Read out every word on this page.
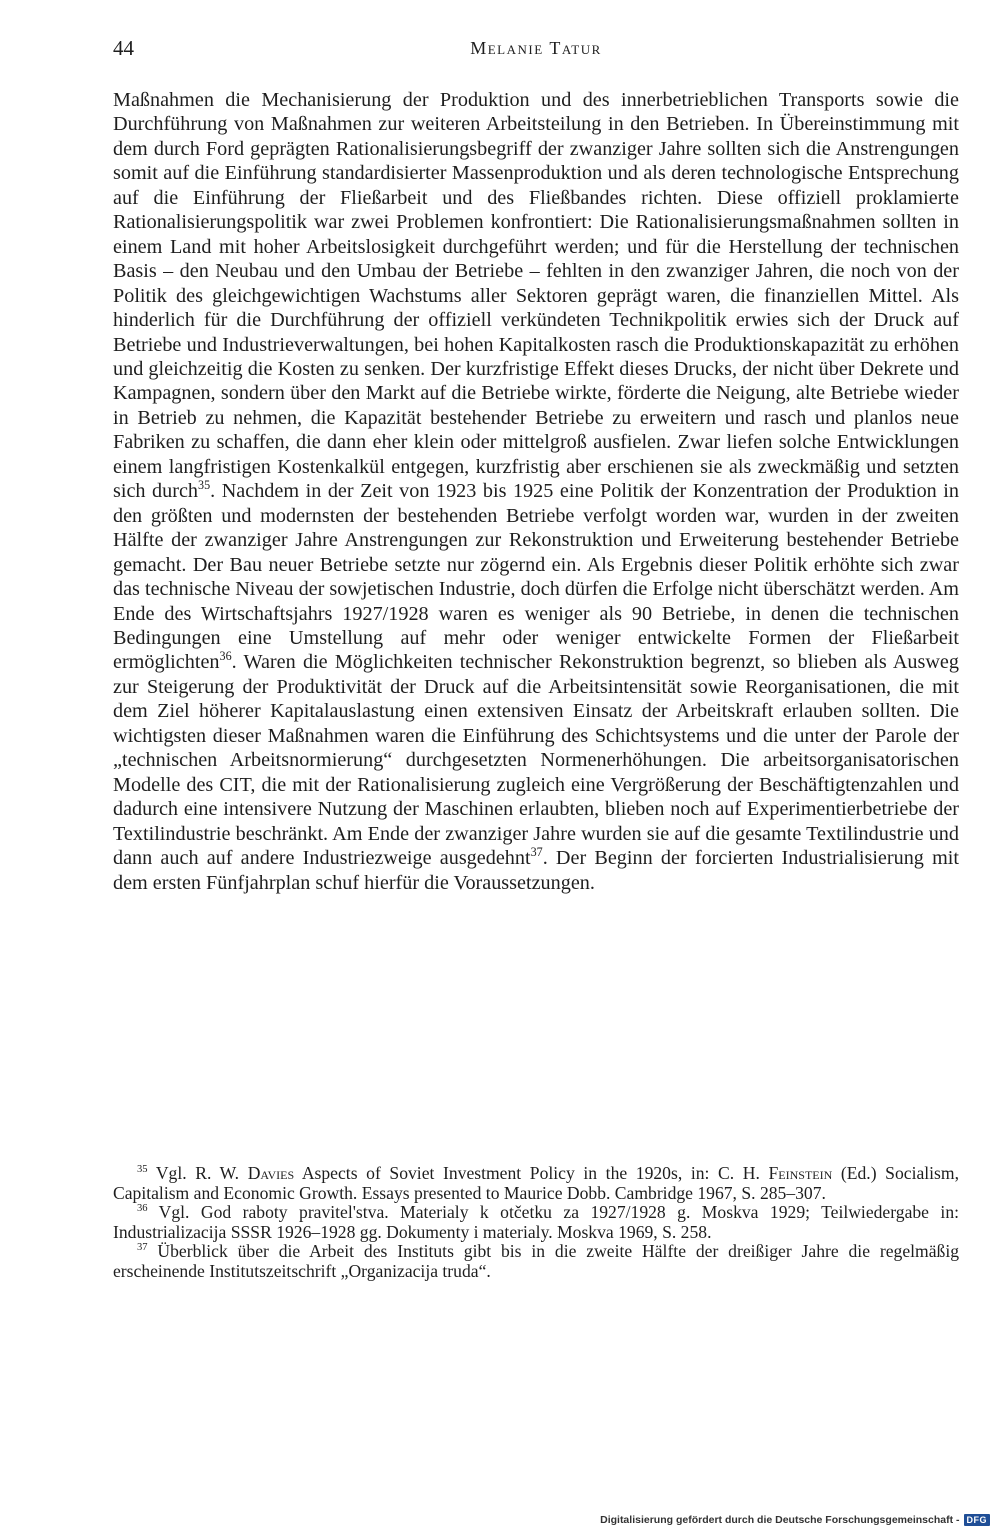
44	Melanie Tatur

Maßnahmen die Mechanisierung der Produktion und des innerbetrieblichen Transports sowie die Durchführung von Maßnahmen zur weiteren Arbeitsteilung in den Betrieben. In Übereinstimmung mit dem durch Ford geprägten Rationalisierungsbegriff der zwanziger Jahre sollten sich die Anstrengungen somit auf die Einführung standardisierter Massenproduktion und als deren technologische Entsprechung auf die Einführung der Fließarbeit und des Fließbandes richten. Diese offiziell proklamierte Rationalisierungspolitik war zwei Problemen konfrontiert: Die Rationalisierungsmaßnahmen sollten in einem Land mit hoher Arbeitslosigkeit durchgeführt werden; und für die Herstellung der technischen Basis – den Neubau und den Umbau der Betriebe – fehlten in den zwanziger Jahren, die noch von der Politik des gleichgewichtigen Wachstums aller Sektoren geprägt waren, die finanziellen Mittel. Als hinderlich für die Durchführung der offiziell verkündeten Technikpolitik erwies sich der Druck auf Betriebe und Industrieverwaltungen, bei hohen Kapitalkosten rasch die Produktionskapazität zu erhöhen und gleichzeitig die Kosten zu senken. Der kurzfristige Effekt dieses Drucks, der nicht über Dekrete und Kampagnen, sondern über den Markt auf die Betriebe wirkte, förderte die Neigung, alte Betriebe wieder in Betrieb zu nehmen, die Kapazität bestehender Betriebe zu erweitern und rasch und planlos neue Fabriken zu schaffen, die dann eher klein oder mittelgroß ausfielen. Zwar liefen solche Entwicklungen einem langfristigen Kostenkalkül entgegen, kurzfristig aber erschienen sie als zweckmäßig und setzten sich durch$^{35}$. Nachdem in der Zeit von 1923 bis 1925 eine Politik der Konzentration der Produktion in den größten und modernsten der bestehenden Betriebe verfolgt worden war, wurden in der zweiten Hälfte der zwanziger Jahre Anstrengungen zur Rekonstruktion und Erweiterung bestehender Betriebe gemacht. Der Bau neuer Betriebe setzte nur zögernd ein. Als Ergebnis dieser Politik erhöhte sich zwar das technische Niveau der sowjetischen Industrie, doch dürfen die Erfolge nicht überschätzt werden. Am Ende des Wirtschaftsjahrs 1927/1928 waren es weniger als 90 Betriebe, in denen die technischen Bedingungen eine Umstellung auf mehr oder weniger entwickelte Formen der Fließarbeit ermöglichten$^{36}$. Waren die Möglichkeiten technischer Rekonstruktion begrenzt, so blieben als Ausweg zur Steigerung der Produktivität der Druck auf die Arbeitsintensität sowie Reorganisationen, die mit dem Ziel höherer Kapitalauslastung einen extensiven Einsatz der Arbeitskraft erlauben sollten. Die wichtigsten dieser Maßnahmen waren die Einführung des Schichtsystems und die unter der Parole der „technischen Arbeitsnormierung“ durchgesetzten Normenerhöhungen. Die arbeitsorganisatorischen Modelle des CIT, die mit der Rationalisierung zugleich eine Vergrößerung der Beschäftigtenzahlen und dadurch eine intensivere Nutzung der Maschinen erlaubten, blieben noch auf Experimentierbetriebe der Textilindustrie beschränkt. Am Ende der zwanziger Jahre wurden sie auf die gesamte Textilindustrie und dann auch auf andere Industriezweige ausgedehnt$^{37}$. Der Beginn der forcierten Industrialisierung mit dem ersten Fünfjahrplan schuf hierfür die Voraussetzungen.

$^{35}$ Vgl. R. W. Davies Aspects of Soviet Investment Policy in the 1920s, in: C. H. Feinstein (Ed.) Socialism, Capitalism and Economic Growth. Essays presented to Maurice Dobb. Cambridge 1967, S. 285–307.

$^{36}$ Vgl. God raboty pravitel'stva. Materialy k otčetku za 1927/1928 g. Moskva 1929; Teilwiedergabe in: Industrializacija SSSR 1926–1928 gg. Dokumenty i materialy. Moskva 1969, S. 258.

$^{37}$ Überblick über die Arbeit des Instituts gibt bis in die zweite Hälfte der dreißiger Jahre die regelmäßig erscheinende Institutszeitschrift „Organizacija truda“.

Digitalisierung gefördert durch die Deutsche Forschungsgemeinschaft - DFG
